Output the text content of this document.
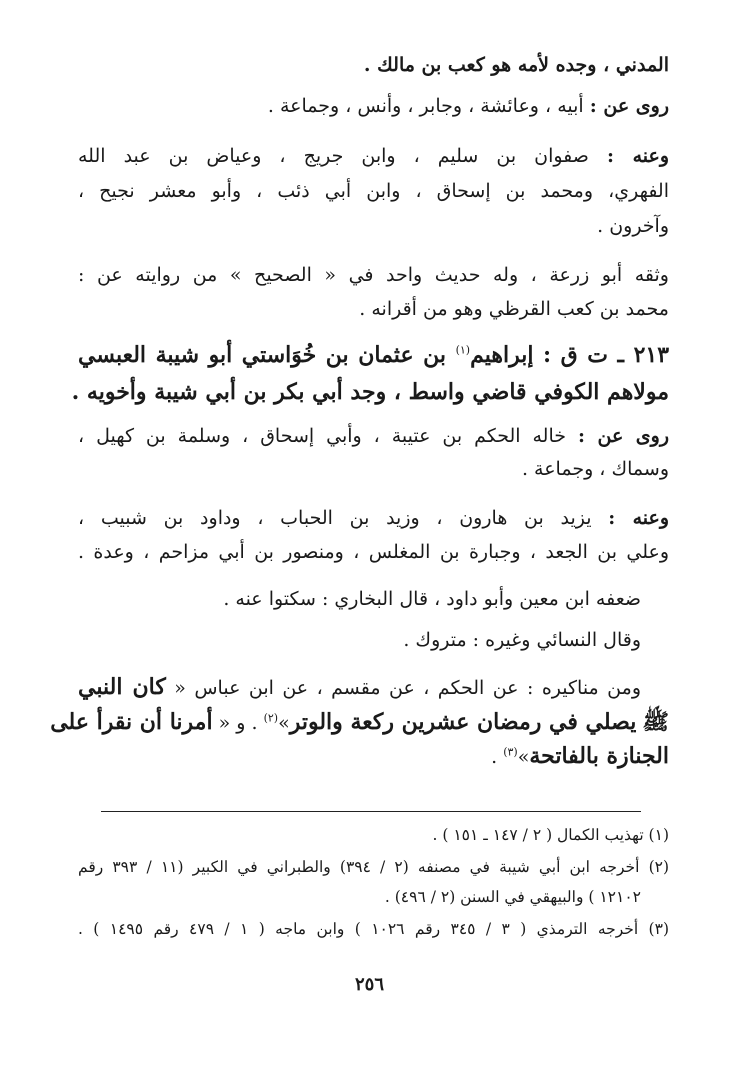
المدني ، وجده لأمه هو كعب بن مالك .
روى عن : أبيه ، وعائشة ، وجابر ، وأنس ، وجماعة .
وعنه : صفوان بن سليم ، وابن جريج ، وعياض بن عبد الله
الفهري، ومحمد بن إسحاق ، وابن أبي ذئب ، وأبو معشر نجيح ،
وآخرون .
وثقه أبو زرعة ، وله حديث واحد في « الصحيح » من روايته عن :
محمد بن كعب القرظي وهو من أقرانه .
٢١٣ ـ ت ق : إبراهيم$^{(١)}$ بن عثمان بن خُوَاستي أبو شيبة العبسي
مولاهم الكوفي قاضي واسط ، وجد أبي بكر بن أبي شيبة وأخويه .
روى عن : خاله الحكم بن عتيبة ، وأبي إسحاق ، وسلمة بن كهيل ،
وسماك ، وجماعة .
وعنه : يزيد بن هارون ، وزيد بن الحباب ، وداود بن شبيب ،
وعلي بن الجعد ، وجبارة بن المغلس ، ومنصور بن أبي مزاحم ، وعدة .
ضعفه ابن معين وأبو داود ، قال البخاري : سكتوا عنه .
وقال النسائي وغيره : متروك .
ومن مناكيره : عن الحكم ، عن مقسم ، عن ابن عباس « كان النبي
ﷺ يصلي في رمضان عشرين ركعة والوتر»$^{(٢)}$ . و « أمرنا أن نقرأ على
الجنازة بالفاتحة»$^{(٣)}$ .
(١) تهذيب الكمال ( ٢ / ١٤٧ ـ ١٥١ ) .
(٢) أخرجه ابن أبي شيبة في مصنفه (٢ / ٣٩٤) والطبراني في الكبير (١١ / ٣٩٣ رقم
١٢١٠٢ ) والبيهقي في السنن (٢ / ٤٩٦) .
(٣) أخرجه الترمذي ( ٣ / ٣٤٥ رقم ١٠٢٦ ) وابن ماجه ( ١ / ٤٧٩ رقم ١٤٩٥ ) .
٢٥٦
